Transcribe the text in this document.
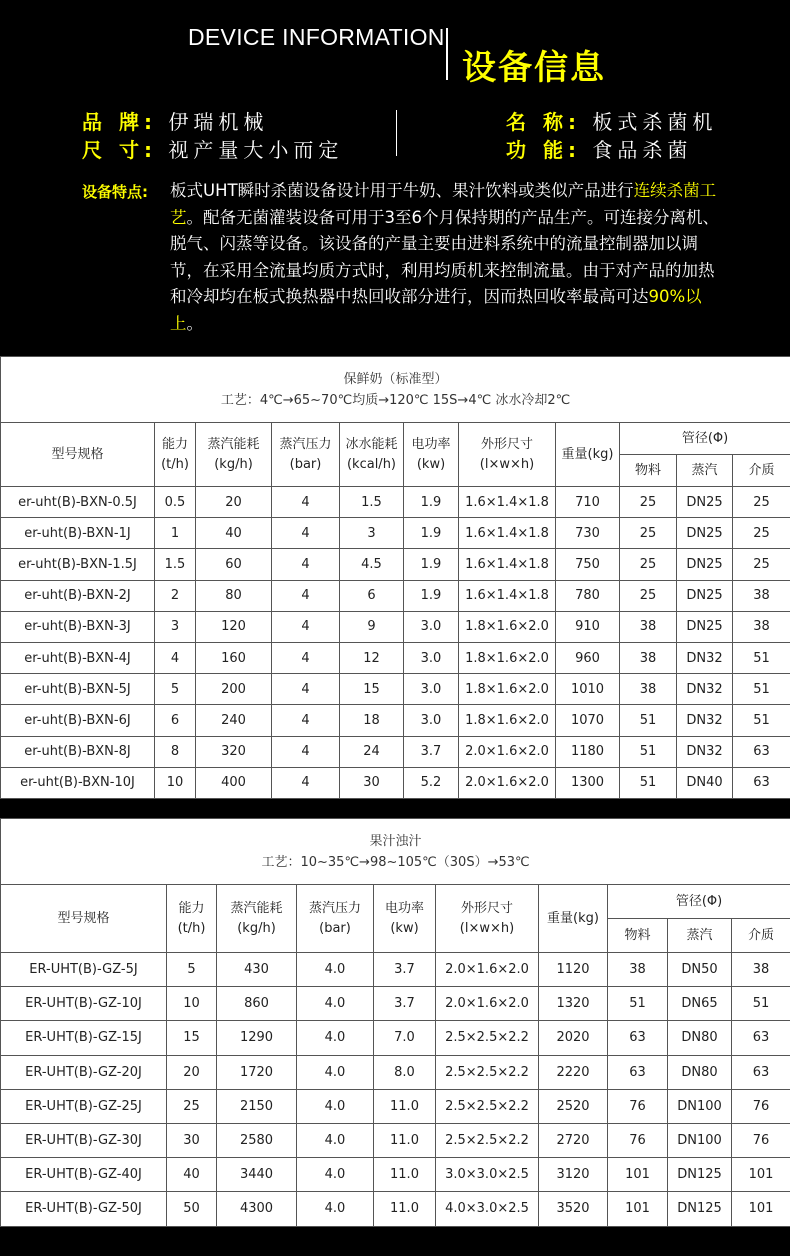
DEVICE INFORMATION
设备信息
品 牌: 伊瑞机械
尺 寸: 视产量大小而定
名 称: 板式杀菌机
功 能: 食品杀菌
设备特点: 板式UHT瞬时杀菌设备设计用于牛奶、果汁饮料或类似产品进行连续杀菌工艺。配备无菌灌装设备可用于3至6个月保持期的产品生产。可连接分离机、脱气、闪蒸等设备。该设备的产量主要由进料系统中的流量控制器加以调节，在采用全流量均质方式时，利用均质机来控制流量。由于对产品的加热和冷却均在板式换热器中热回收部分进行，因而热回收率最高可达90%以上。
保鲜奶（标准型）
工艺：4℃→65~70℃均质→120℃ 15S→4℃ 冰水冷却2℃										

型号规格	能力(t/h)	蒸汽能耗(kg/h)	蒸汽压力(bar)	冰水能耗(kcal/h)	电功率(kw)	外形尺寸(l×w×h)	重量(kg)	管径(Φ)		
								物料	蒸汽	介质
er-uht(B)-BXN-0.5J	0.5	20	4	1.5	1.9	1.6×1.4×1.8	710	25	DN25	25
er-uht(B)-BXN-1J	1	40	4	3	1.9	1.6×1.4×1.8	730	25	DN25	25
er-uht(B)-BXN-1.5J	1.5	60	4	4.5	1.9	1.6×1.4×1.8	750	25	DN25	25
er-uht(B)-BXN-2J	2	80	4	6	1.9	1.6×1.4×1.8	780	25	DN25	38
er-uht(B)-BXN-3J	3	120	4	9	3.0	1.8×1.6×2.0	910	38	DN25	38
er-uht(B)-BXN-4J	4	160	4	12	3.0	1.8×1.6×2.0	960	38	DN32	51
er-uht(B)-BXN-5J	5	200	4	15	3.0	1.8×1.6×2.0	1010	38	DN32	51
er-uht(B)-BXN-6J	6	240	4	18	3.0	1.8×1.6×2.0	1070	51	DN32	51
er-uht(B)-BXN-8J	8	320	4	24	3.7	2.0×1.6×2.0	1180	51	DN32	63
er-uht(B)-BXN-10J	10	400	4	30	5.2	2.0×1.6×2.0	1300	51	DN40	63
果汁浊汁
工艺：10~35℃→98~105℃（30S）→53℃									

型号规格	能力(t/h)	蒸汽能耗(kg/h)	蒸汽压力(bar)	电功率(kw)	外形尺寸(l×w×h)	重量(kg)	管径(Φ)		
							物料	蒸汽	介质
ER-UHT(B)-GZ-5J	5	430	4.0	3.7	2.0×1.6×2.0	1120	38	DN50	38
ER-UHT(B)-GZ-10J	10	860	4.0	3.7	2.0×1.6×2.0	1320	51	DN65	51
ER-UHT(B)-GZ-15J	15	1290	4.0	7.0	2.5×2.5×2.2	2020	63	DN80	63
ER-UHT(B)-GZ-20J	20	1720	4.0	8.0	2.5×2.5×2.2	2220	63	DN80	63
ER-UHT(B)-GZ-25J	25	2150	4.0	11.0	2.5×2.5×2.2	2520	76	DN100	76
ER-UHT(B)-GZ-30J	30	2580	4.0	11.0	2.5×2.5×2.2	2720	76	DN100	76
ER-UHT(B)-GZ-40J	40	3440	4.0	11.0	3.0×3.0×2.5	3120	101	DN125	101
ER-UHT(B)-GZ-50J	50	4300	4.0	11.0	4.0×3.0×2.5	3520	101	DN125	101
